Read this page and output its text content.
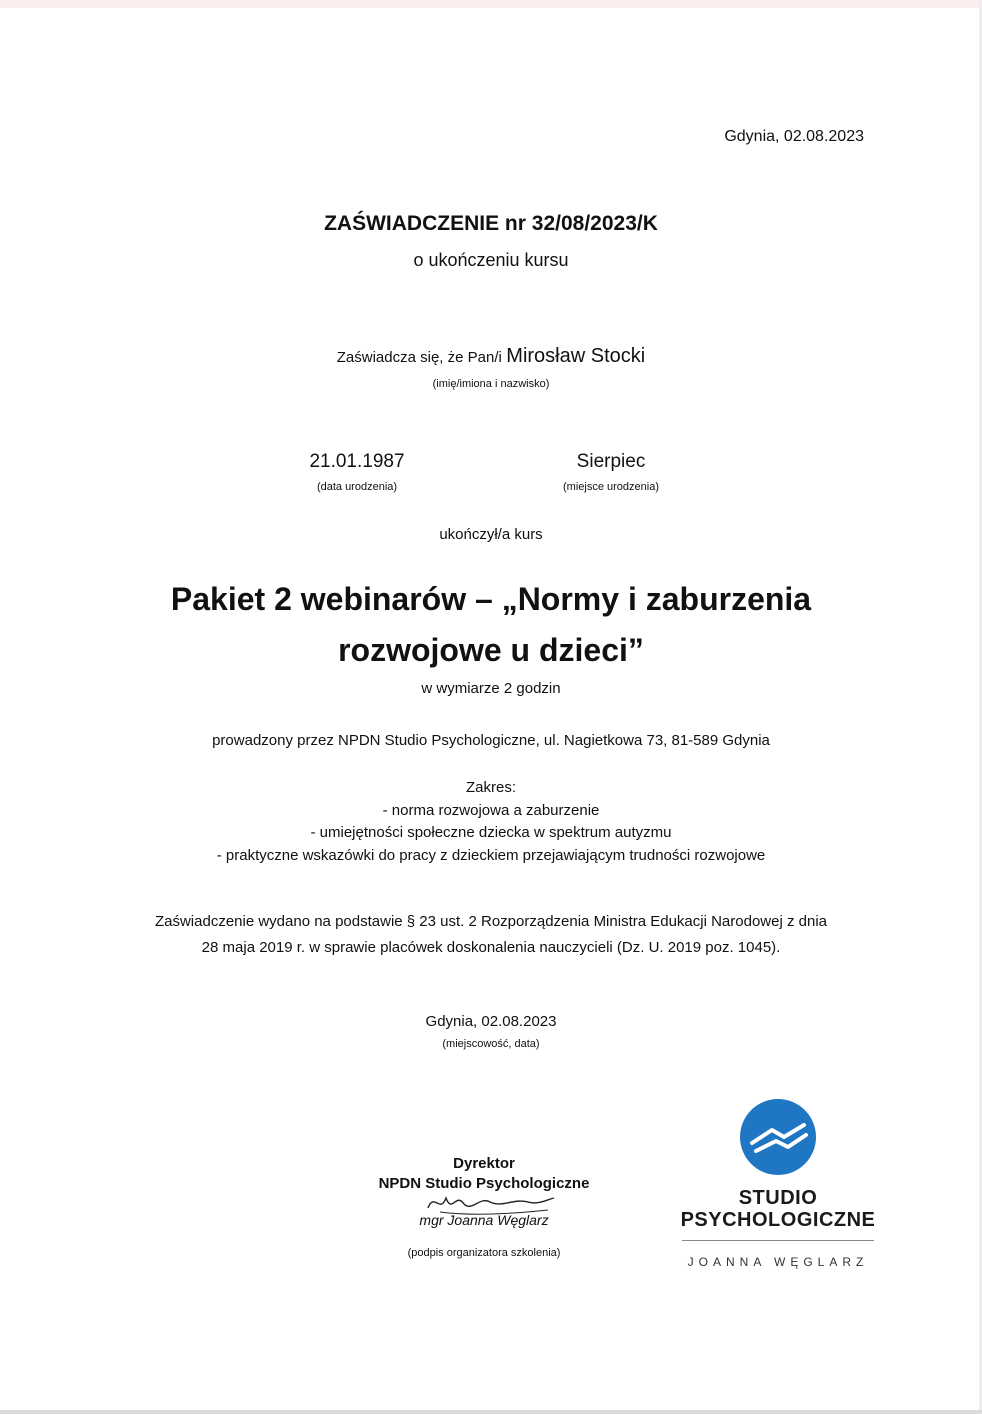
Gdynia, 02.08.2023
ZAŚWIADCZENIE nr 32/08/2023/K
o ukończeniu kursu
Zaświadcza się, że Pan/i Mirosław Stocki
(imię/imiona i nazwisko)
21.01.1987
(data urodzenia)
Sierpiec
(miejsce urodzenia)
ukończył/a kurs
Pakiet 2 webinarów – „Normy i zaburzenia
rozwojowe u dzieci”
w wymiarze 2 godzin
prowadzony przez NPDN Studio Psychologiczne, ul. Nagietkowa 73, 81-589 Gdynia
Zakres:
- norma rozwojowa a zaburzenie
- umiejętności społeczne dziecka w spektrum autyzmu
- praktyczne wskazówki do pracy z dzieckiem przejawiającym trudności rozwojowe
Zaświadczenie wydano na podstawie § 23 ust. 2 Rozporządzenia Ministra Edukacji Narodowej z dnia
28 maja 2019 r. w sprawie placówek doskonalenia nauczycieli (Dz. U. 2019 poz. 1045).
Gdynia, 02.08.2023
(miejscowość, data)
Dyrektor
NPDN Studio Psychologiczne
mgr Joanna Węglarz
(podpis organizatora szkolenia)
STUDIO
PSYCHOLOGICZNE
JOANNA WĘGLARZ
